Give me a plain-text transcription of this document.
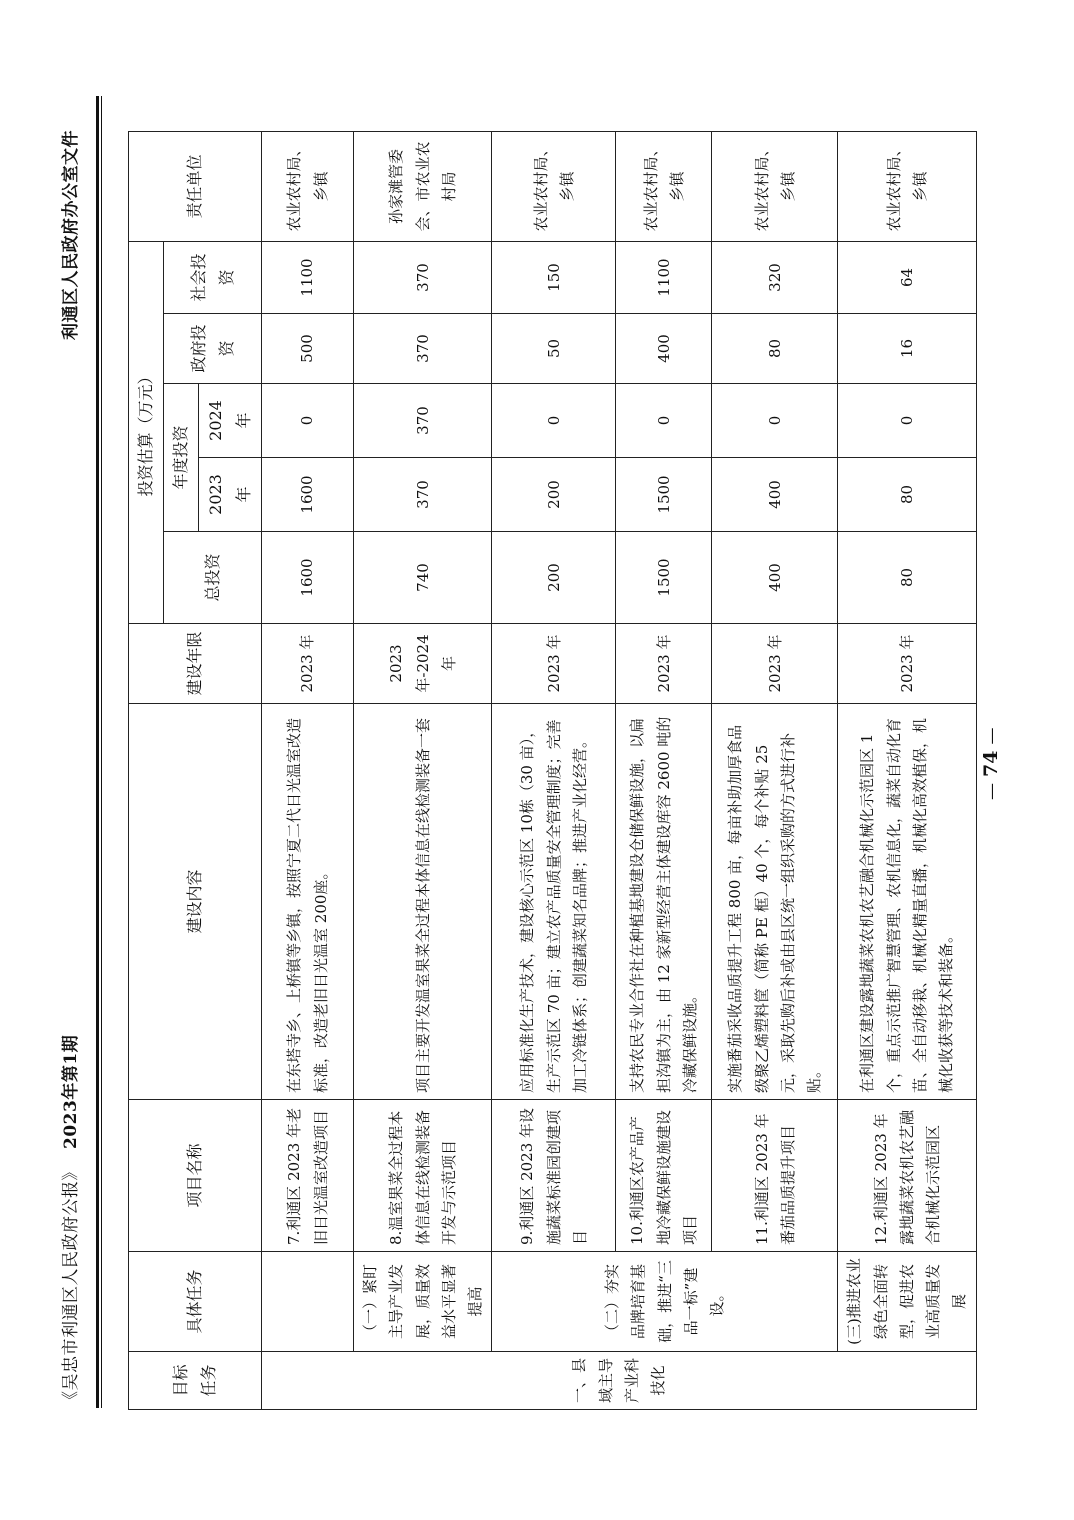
《吴忠市利通区人民政府公报》2023年第1期
利通区人民政府办公室文件
目标任务	具体任务	项目名称	建设内容	建设年限	投资估算（万元）					责任单位
					总投资	年度投资		政府投资	社会投资	
						2023 年	2024 年			
一、县域主导产业科技化		7.利通区 2023 年老旧日光温室改造项目	在东塔寺乡、上桥镇等乡镇，按照宁夏二代日光温室改造标准，改造老旧日光温室 200座。	2023 年	1600	1600	0	500	1100	农业农村局、乡镇
	（一）紧盯主导产业发展，质量效益水平显著提高	8.温室果菜全过程本体信息在线检测装备开发与示范项目	项目主要开发温室果菜全过程本体信息在线检测装备一套	2023 年-2024 年	740	370	370	370	370	孙家滩管委会、市农业农村局
	（二）夯实品牌培育基础，推进“三品一标”建设。	9.利通区 2023 年设施蔬菜标准园创建项目	应用标准化生产技术，建设核心示范区 10栋（30 亩），生产示范区 70 亩；建立农产品质量安全管理制度；完善加工冷链体系；创建蔬菜知名品牌；推进产业化经营。	2023 年	200	200	0	50	150	农业农村局、乡镇
		10.利通区农产品产地冷藏保鲜设施建设项目	支持农民专业合作社在种植基地建设仓储保鲜设施，以扁担沟镇为主，由 12 家新型经营主体建设库容 2600 吨的冷藏保鲜设施。	2023 年	1500	1500	0	400	1100	农业农村局、乡镇
		11.利通区 2023 年番茄品质提升项目	实施番茄采收品质提升工程 800 亩，每亩补助加厚食品级聚乙烯塑料筐（简称 PE 框）40 个，每个补贴 25 元，采取先购后补或由县区统一组织采购的方式进行补贴。	2023 年	400	400	0	80	320	农业农村局、乡镇
	(三)推进农业绿色全面转型，促进农业高质量发展	12.利通区 2023 年露地蔬菜农机农艺融合机械化示范园区	在利通区建设露地蔬菜农机农艺融合机械化示范园区 1 个，重点示范推广智慧管理、农机信息化，蔬菜自动化育苗、全自动移栽、机械化精量直播，机械化高效植保，机械化收获等技术和装备。	2023 年	80	80	0	16	64	农业农村局、乡镇
—74—
